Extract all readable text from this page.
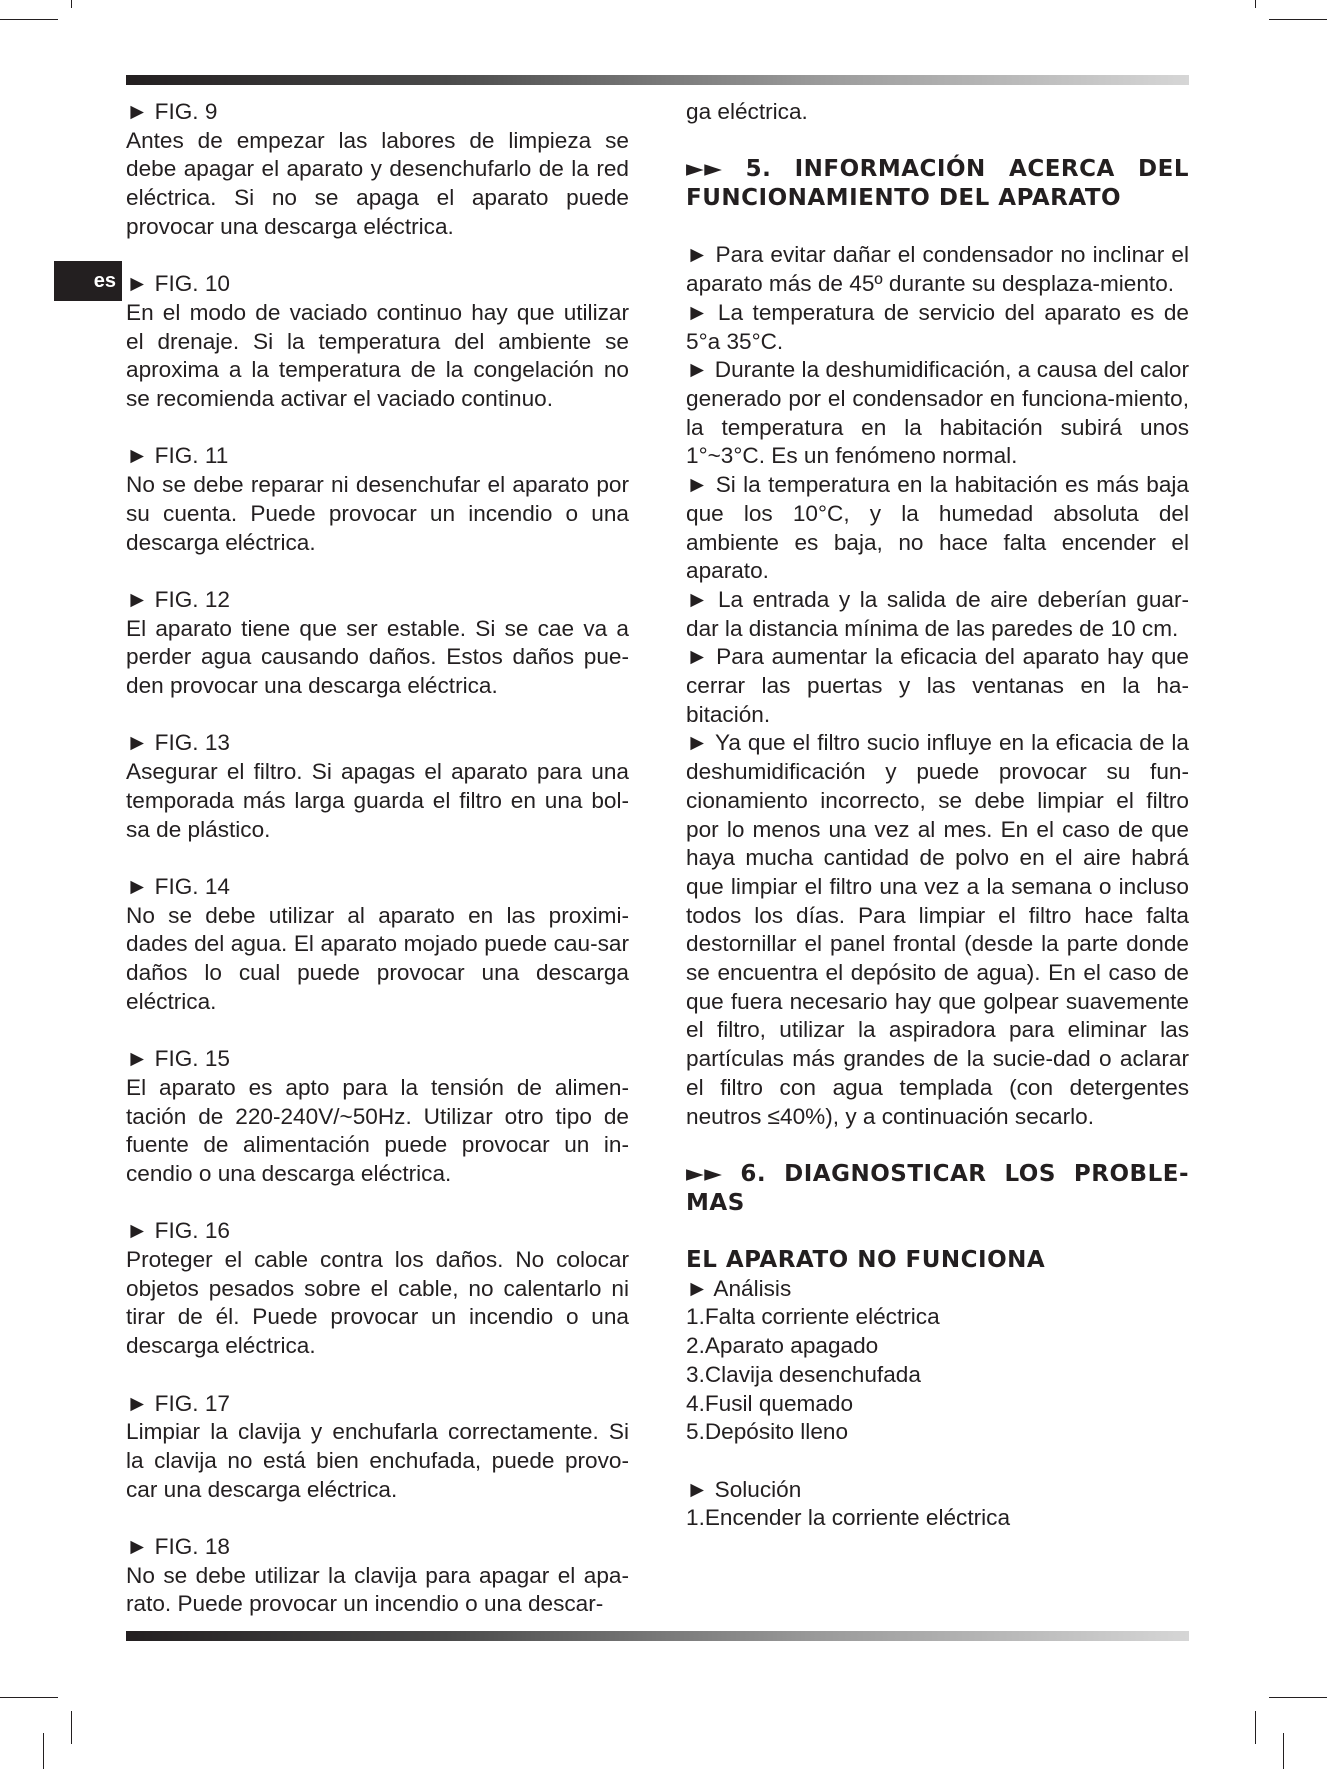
es

► FIG. 9

Antes de empezar las labores de limpieza se debe apagar el aparato y desenchufarlo de la red eléctrica. Si no se apaga el aparato puede provocar una descarga eléctrica.

► FIG. 10

En el modo de vaciado continuo hay que utilizar el drenaje. Si la temperatura del ambiente se aproxima a la temperatura de la congelación no se recomienda activar el vaciado continuo.

► FIG. 11

No se debe reparar ni desenchufar el aparato por su cuenta. Puede provocar un incendio o una descarga eléctrica.

► FIG. 12

El aparato tiene que ser estable. Si se cae va a perder agua causando daños. Estos daños pue-den provocar una descarga eléctrica.

► FIG. 13

Asegurar el filtro. Si apagas el aparato para una temporada más larga guarda el filtro en una bol-sa de plástico.

► FIG. 14

No se debe utilizar al aparato en las proximi-dades del agua. El aparato mojado puede cau-sar daños lo cual puede provocar una descarga eléctrica.

► FIG. 15

El aparato es apto para la tensión de alimen-tación de 220-240V/~50Hz. Utilizar otro tipo de fuente de alimentación puede provocar un in-cendio o una descarga eléctrica.

► FIG. 16

Proteger el cable contra los daños. No colocar objetos pesados sobre el cable, no calentarlo ni tirar de él. Puede provocar un incendio o una descarga eléctrica.

► FIG. 17

Limpiar la clavija y enchufarla correctamente. Si la clavija no está bien enchufada, puede provo-car una descarga eléctrica.

► FIG. 18

No se debe utilizar la clavija para apagar el apa-rato. Puede provocar un incendio o una descar-

ga eléctrica.

►► 5. INFORMACIÓN ACERCA DEL FUNCIONAMIENTO DEL APARATO

► Para evitar dañar el condensador no inclinar el aparato más de 45º durante su desplaza-miento.

► La temperatura de servicio del aparato es de 5°a 35°C.

► Durante la deshumidificación, a causa del calor generado por el condensador en funciona-miento, la temperatura en la habitación subirá unos 1°~3°C. Es un fenómeno normal.

► Si la temperatura en la habitación es más baja que los 10°C, y la humedad absoluta del ambiente es baja, no hace falta encender el aparato.

► La entrada y la salida de aire deberían guar-dar la distancia mínima de las paredes de 10 cm.

► Para aumentar la eficacia del aparato hay que cerrar las puertas y las ventanas en la ha-bitación.

► Ya que el filtro sucio influye en la eficacia de la deshumidificación y puede provocar su fun-cionamiento incorrecto, se debe limpiar el filtro por lo menos una vez al mes. En el caso de que haya mucha cantidad de polvo en el aire habrá que limpiar el filtro una vez a la semana o incluso todos los días. Para limpiar el filtro hace falta destornillar el panel frontal (desde la parte donde se encuentra el depósito de agua). En el caso de que fuera necesario hay que golpear suavemente el filtro, utilizar la aspiradora para eliminar las partículas más grandes de la sucie-dad o aclarar el filtro con agua templada (con detergentes neutros ≤40%), y a continuación secarlo.

►► 6. DIAGNOSTICAR LOS PROBLE-MAS

EL APARATO NO FUNCIONA

► Análisis

1.Falta corriente eléctrica

2.Aparato apagado

3.Clavija desenchufada

4.Fusil quemado

5.Depósito lleno

► Solución

1.Encender la corriente eléctrica
